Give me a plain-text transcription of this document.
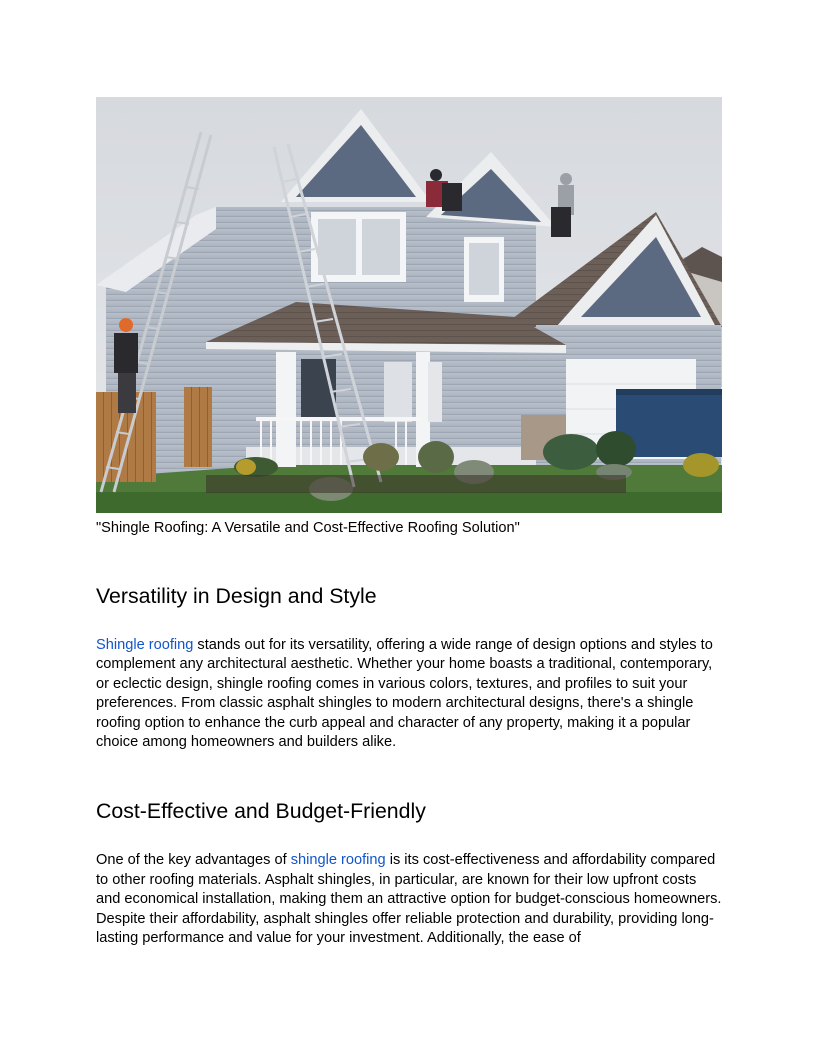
"Shingle Roofing: A Versatile and Cost-Effective Roofing Solution"

Versatility in Design and Style

Shingle roofing stands out for its versatility, offering a wide range of design options and styles to complement any architectural aesthetic. Whether your home boasts a traditional, contemporary, or eclectic design, shingle roofing comes in various colors, textures, and profiles to suit your preferences. From classic asphalt shingles to modern architectural designs, there's a shingle roofing option to enhance the curb appeal and character of any property, making it a popular choice among homeowners and builders alike.

Cost-Effective and Budget-Friendly

One of the key advantages of shingle roofing is its cost-effectiveness and affordability compared to other roofing materials. Asphalt shingles, in particular, are known for their low upfront costs and economical installation, making them an attractive option for budget-conscious homeowners. Despite their affordability, asphalt shingles offer reliable protection and durability, providing long-lasting performance and value for your investment. Additionally, the ease of
